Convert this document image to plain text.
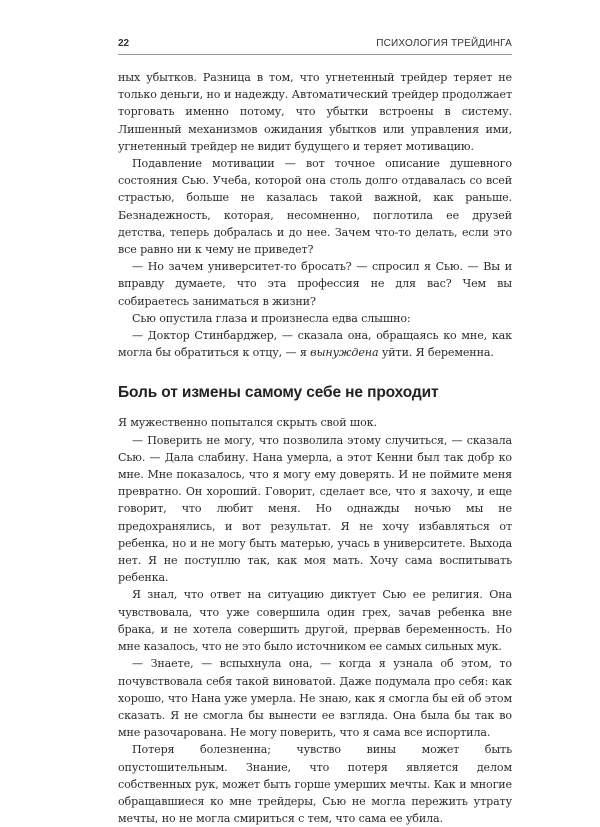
22	ПСИХОЛОГИЯ ТРЕЙДИНГА

ных убытков. Разница в том, что угнетенный трейдер теряет не только деньги, но и надежду. Автоматический трейдер продолжает торговать именно потому, что убытки встроены в систему. Лишенный механизмов ожидания убытков или управления ими, угнетенный трейдер не видит будущего и теряет мотивацию.

Подавление мотивации — вот точное описание душевного состояния Сью. Учеба, которой она столь долго отдавалась со всей страстью, больше не казалась такой важной, как раньше. Безнадежность, которая, несомненно, поглотила ее друзей детства, теперь добралась и до нее. Зачем что-то делать, если это все равно ни к чему не приведет?

— Но зачем университет-то бросать? — спросил я Сью. — Вы и вправду думаете, что эта профессия не для вас? Чем вы собираетесь заниматься в жизни?

Сью опустила глаза и произнесла едва слышно:

— Доктор Стинбарджер, — сказала она, обращаясь ко мне, как могла бы обратиться к отцу, — я вынуждена уйти. Я беременна.

Боль от измены самому себе не проходит

Я мужественно попытался скрыть свой шок.

— Поверить не могу, что позволила этому случиться, — сказала Сью. — Дала слабину. Нана умерла, а этот Кенни был так добр ко мне. Мне показалось, что я могу ему доверять. И не поймите меня превратно. Он хороший. Говорит, сделает все, что я захочу, и еще говорит, что любит меня. Но однажды ночью мы не предохранялись, и вот результат. Я не хочу избавляться от ребенка, но и не могу быть матерью, учась в университете. Выхода нет. Я не поступлю так, как моя мать. Хочу сама воспитывать ребенка.

Я знал, что ответ на ситуацию диктует Сью ее религия. Она чувствовала, что уже совершила один грех, зачав ребенка вне брака, и не хотела совершить другой, прервав беременность. Но мне казалось, что не это было источником ее самых сильных мук.

— Знаете, — вспыхнула она, — когда я узнала об этом, то почувствовала себя такой виноватой. Даже подумала про себя: как хорошо, что Нана уже умерла. Не знаю, как я смогла бы ей об этом сказать. Я не смогла бы вынести ее взгляда. Она была бы так во мне разочарована. Не могу поверить, что я сама все испортила.

Потеря болезненна; чувство вины может быть опустошительным. Знание, что потеря является делом собственных рук, может быть горше умерших мечты. Как и многие обращавшиеся ко мне трейдеры, Сью не могла пережить утрату мечты, но не могла смириться с тем, что сама ее убила.
